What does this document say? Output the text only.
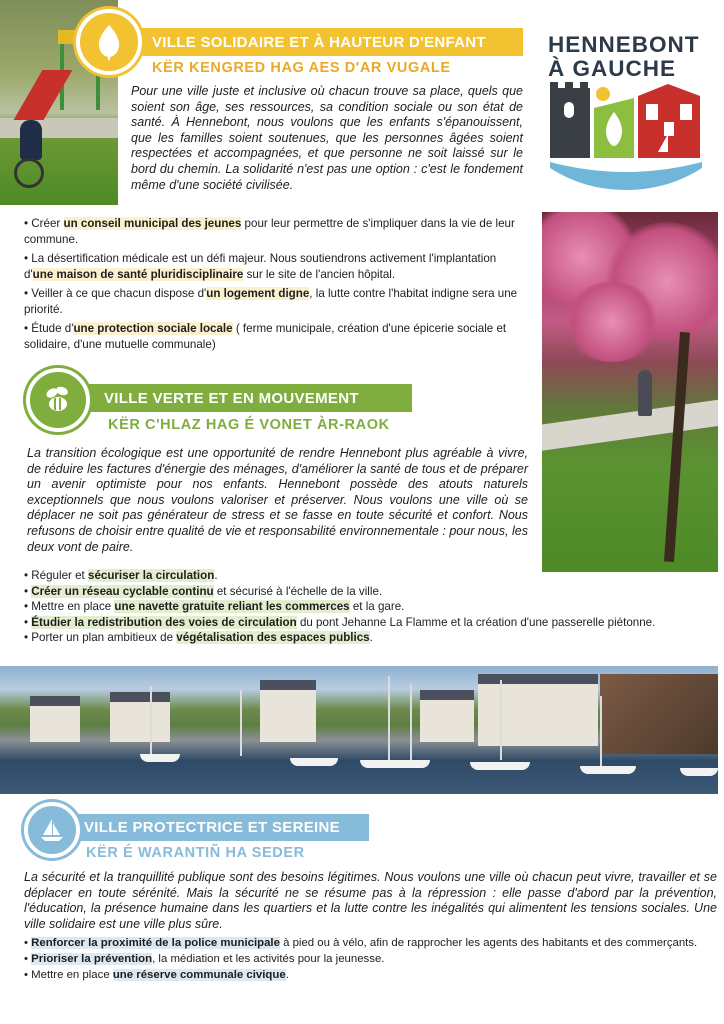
VILLE SOLIDAIRE ET À HAUTEUR D'ENFANT
KËR KENGRED HAG AES D'AR VUGALE
HENNEBONT
À GAUCHE

Pour une ville juste et inclusive où chacun trouve sa place, quels que soient son âge, ses ressources, sa condition sociale ou son état de santé. À Hennebont, nous voulons que les enfants s'épanouissent, que les familles soient soutenues, que les personnes âgées soient respectées et accompagnées, et que personne ne soit laissé sur le bord du chemin. La solidarité n'est pas une option : c'est le fondement même d'une société civilisée.

• Créer un conseil municipal des jeunes pour leur permettre de s'impliquer dans la vie de leur commune.
• La désertification médicale est un défi majeur. Nous soutiendrons activement l'implantation d'une maison de santé pluridisciplinaire sur le site de l'ancien hôpital.
• Veiller à ce que chacun dispose d'un logement digne, la lutte contre l'habitat indigne sera une priorité.
• Étude d'une protection sociale locale ( ferme municipale, création d'une épicerie sociale et solidaire, d'une mutuelle communale)
VILLE VERTE ET EN MOUVEMENT
KËR C'HLAZ HAG É VONET ÀR-RAOK

La transition écologique est une opportunité de rendre Hennebont plus agréable à vivre, de réduire les factures d'énergie des ménages, d'améliorer la santé de tous et de préparer un avenir optimiste pour nos enfants. Hennebont possède des atouts naturels exceptionnels que nous voulons valoriser et préserver. Nous voulons une ville où se déplacer ne soit pas générateur de stress et se fasse en toute sécurité et confort. Nous refusons de choisir entre qualité de vie et responsabilité environnementale : pour nous, les deux vont de paire.

• Réguler et sécuriser la circulation.
• Créer un réseau cyclable continu et sécurisé à l'échelle de la ville.
• Mettre en place une navette gratuite reliant les commerces et la gare.
• Étudier la redistribution des voies de circulation du pont Jehanne La Flamme et la création d'une passerelle piétonne.
• Porter un plan ambitieux de végétalisation des espaces publics.
VILLE PROTECTRICE ET SEREINE
KËR É WARANTIÑ HA SEDER

La sécurité et la tranquillité publique sont des besoins légitimes. Nous voulons une ville où chacun peut vivre, travailler et se déplacer en toute sérénité. Mais la sécurité ne se résume pas à la répression : elle passe d'abord par la prévention, l'éducation, la présence humaine dans les quartiers et la lutte contre les inégalités qui alimentent les tensions sociales. Une ville solidaire est une ville plus sûre.

• Renforcer la proximité de la police municipale à pied ou à vélo, afin de rapprocher les agents des habitants et des commerçants.
• Prioriser la prévention, la médiation et les activités pour la jeunesse.
• Mettre en place une réserve communale civique.
